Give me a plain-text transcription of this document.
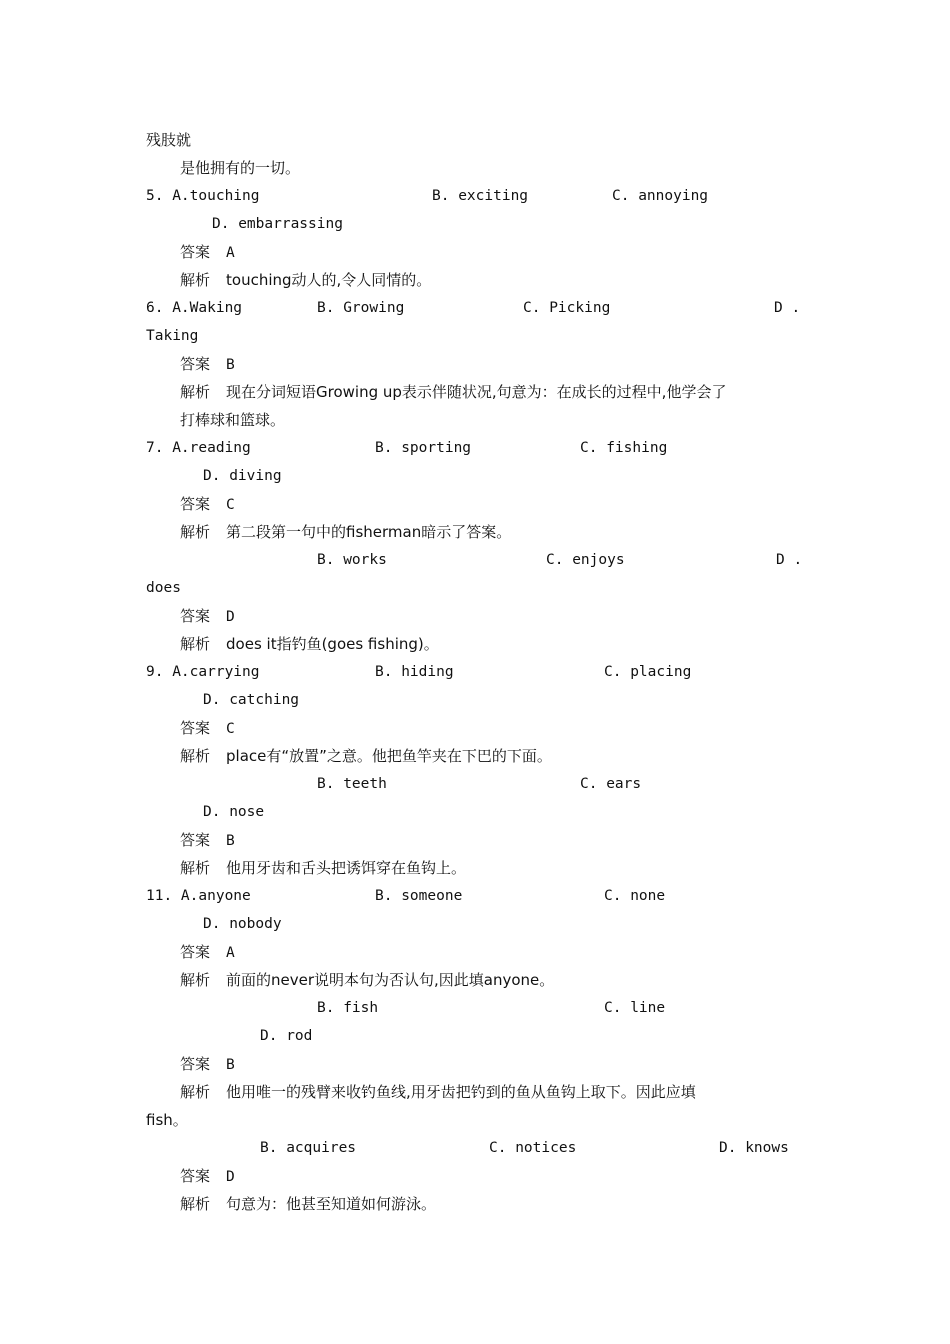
残肢就
是他拥有的一切。
5. A.touching	B. exciting	C. annoying
D. embarrassing
答案 A
解析 touching动人的,令人同情的。
6. A.Waking	B. Growing	C. Picking	D .
Taking
答案 B
解析 现在分词短语Growing up表示伴随状况,句意为：在成长的过程中,他学会了
打棒球和篮球。
7. A.reading	B. sporting	C. fishing
D. diving
答案 C
解析 第二段第一句中的fisherman暗示了答案。
B. works	C. enjoys	D .
does
答案 D
解析 does it指钓鱼(goes fishing)。
9. A.carrying	B. hiding	C. placing
D. catching
答案 C
解析 place有“放置”之意。他把鱼竿夹在下巴的下面。
B. teeth	C. ears
D. nose
答案 B
解析 他用牙齿和舌头把诱饵穿在鱼钩上。
11. A.anyone	B. someone	C. none
D. nobody
答案 A
解析 前面的never说明本句为否认句,因此填anyone。
B. fish	C. line
D. rod
答案 B
解析 他用唯一的残臂来收钓鱼线,用牙齿把钓到的鱼从鱼钩上取下。因此应填
fish。
B. acquires	C. notices	D. knows
答案 D
解析 句意为：他甚至知道如何游泳。
